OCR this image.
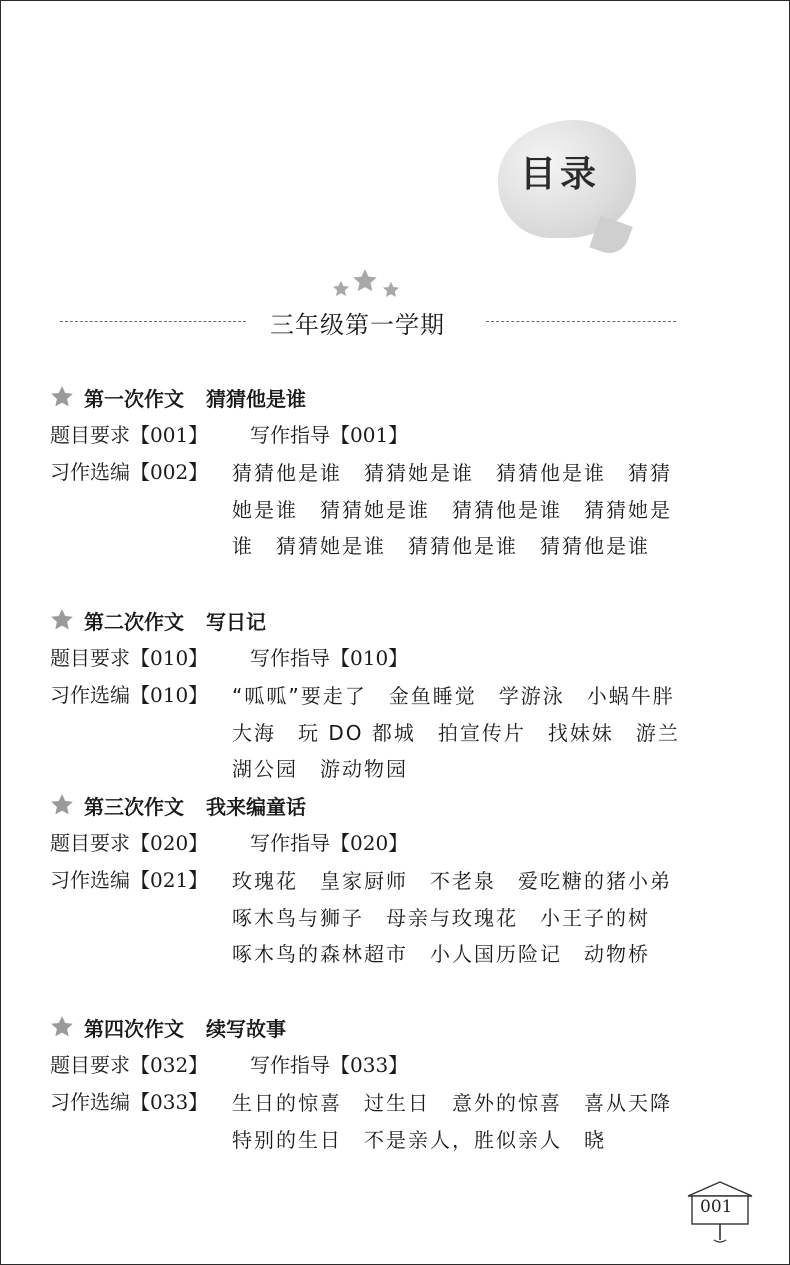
目录
三年级第一学期
第一次作文 猜猜他是谁
题目要求【001】 写作指导【001】
习作选编【002】 猜猜他是谁　猜猜她是谁　猜猜他是谁　猜猜她是谁　猜猜她是谁　猜猜他是谁　猜猜她是谁　猜猜她是谁　猜猜他是谁　猜猜他是谁
第二次作文 写日记
题目要求【010】 写作指导【010】
习作选编【010】 “呱呱”要走了　金鱼睡觉　学游泳　小蜗牛胖大海　玩 DO 都城　拍宣传片　找妹妹　游兰湖公园　游动物园
第三次作文 我来编童话
题目要求【020】 写作指导【020】
习作选编【021】 玫瑰花　皇家厨师　不老泉　爱吃糖的猪小弟　啄木鸟与狮子　母亲与玫瑰花　小王子的树　啄木鸟的森林超市　小人国历险记　动物桥
第四次作文 续写故事
题目要求【032】 写作指导【033】
习作选编【033】 生日的惊喜　过生日　意外的惊喜　喜从天降　特别的生日　不是亲人，胜似亲人　晓
001
